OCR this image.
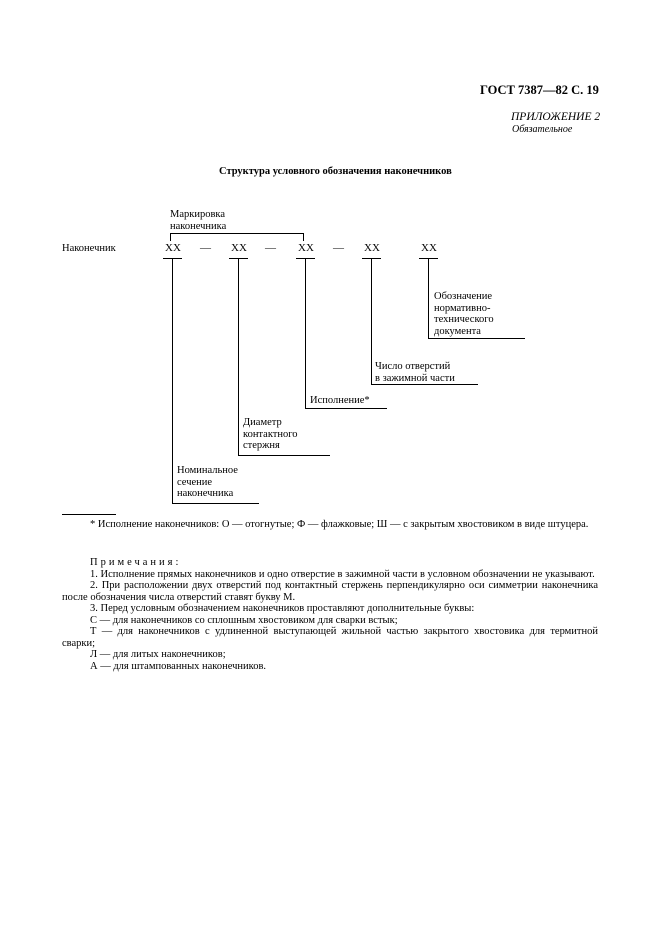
ГОСТ 7387—82 С. 19
ПРИЛОЖЕНИЕ 2
Обязательное
Структура условного обозначения наконечников
Маркировка
наконечника
Наконечник	ХХ — ХХ — ХХ — ХХ	ХХ
Обозначение
нормативно-
технического
документа
Число отверстий
в зажимной части
Исполнение*
Диаметр
контактного
стержня
Номинальное
сечение
наконечника

* Исполнение наконечников: О — отогнутые; Ф — флажковые; Ш — с закрытым хвостовиком в виде штуцера.

Примечания:

1. Исполнение прямых наконечников и одно отверстие в зажимной части в условном обозначении не указывают.

2. При расположении двух отверстий под контактный стержень перпендикулярно оси симметрии наконечника после обозначения числа отверстий ставят букву М.

3. Перед условным обозначением наконечников проставляют дополнительные буквы:

С — для наконечников со сплошным хвостовиком для сварки встык;

Т — для наконечников с удлиненной выступающей жильной частью закрытого хвостовика для термитной сварки;

Л — для литых наконечников;

А — для штампованных наконечников.
